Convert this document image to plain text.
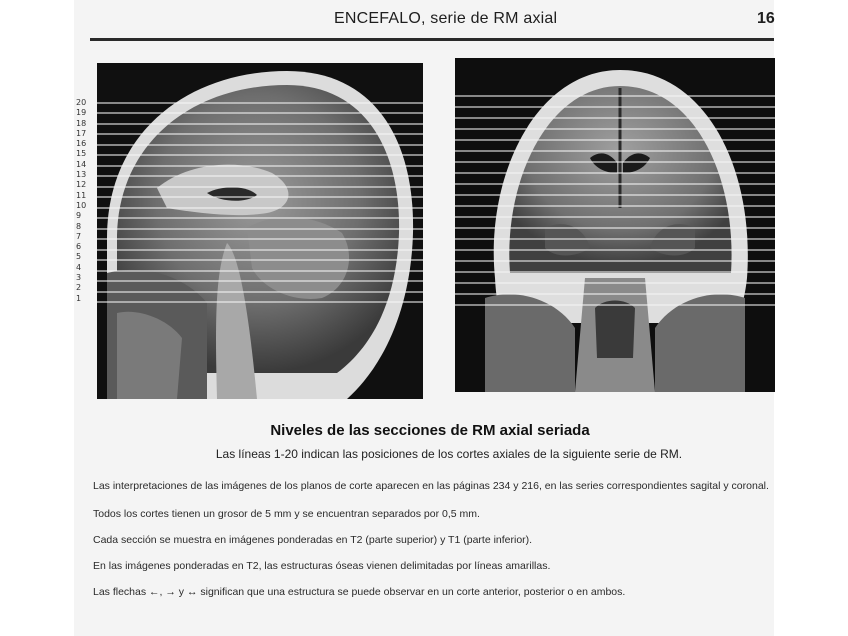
ENCEFALO, serie de RM axial	16
20
19
18
17
16
15
14
13
12
11
10
9
8
7
6
5
4
3
2
1
Niveles de las secciones de RM axial seriada
Las líneas 1-20 indican las posiciones de los cortes axiales de la siguiente serie de RM.
Las interpretaciones de las imágenes de los planos de corte aparecen en las páginas 234 y 216, en las series correspondientes sagital y coronal.
Todos los cortes tienen un grosor de 5 mm y se encuentran separados por 0,5 mm.
Cada sección se muestra en imágenes ponderadas en T2 (parte superior) y T1 (parte inferior).
En las imágenes ponderadas en T2, las estructuras óseas vienen delimitadas por líneas amarillas.
Las flechas ←, → y ↔ significan que una estructura se puede observar en un corte anterior, posterior o en ambos.
